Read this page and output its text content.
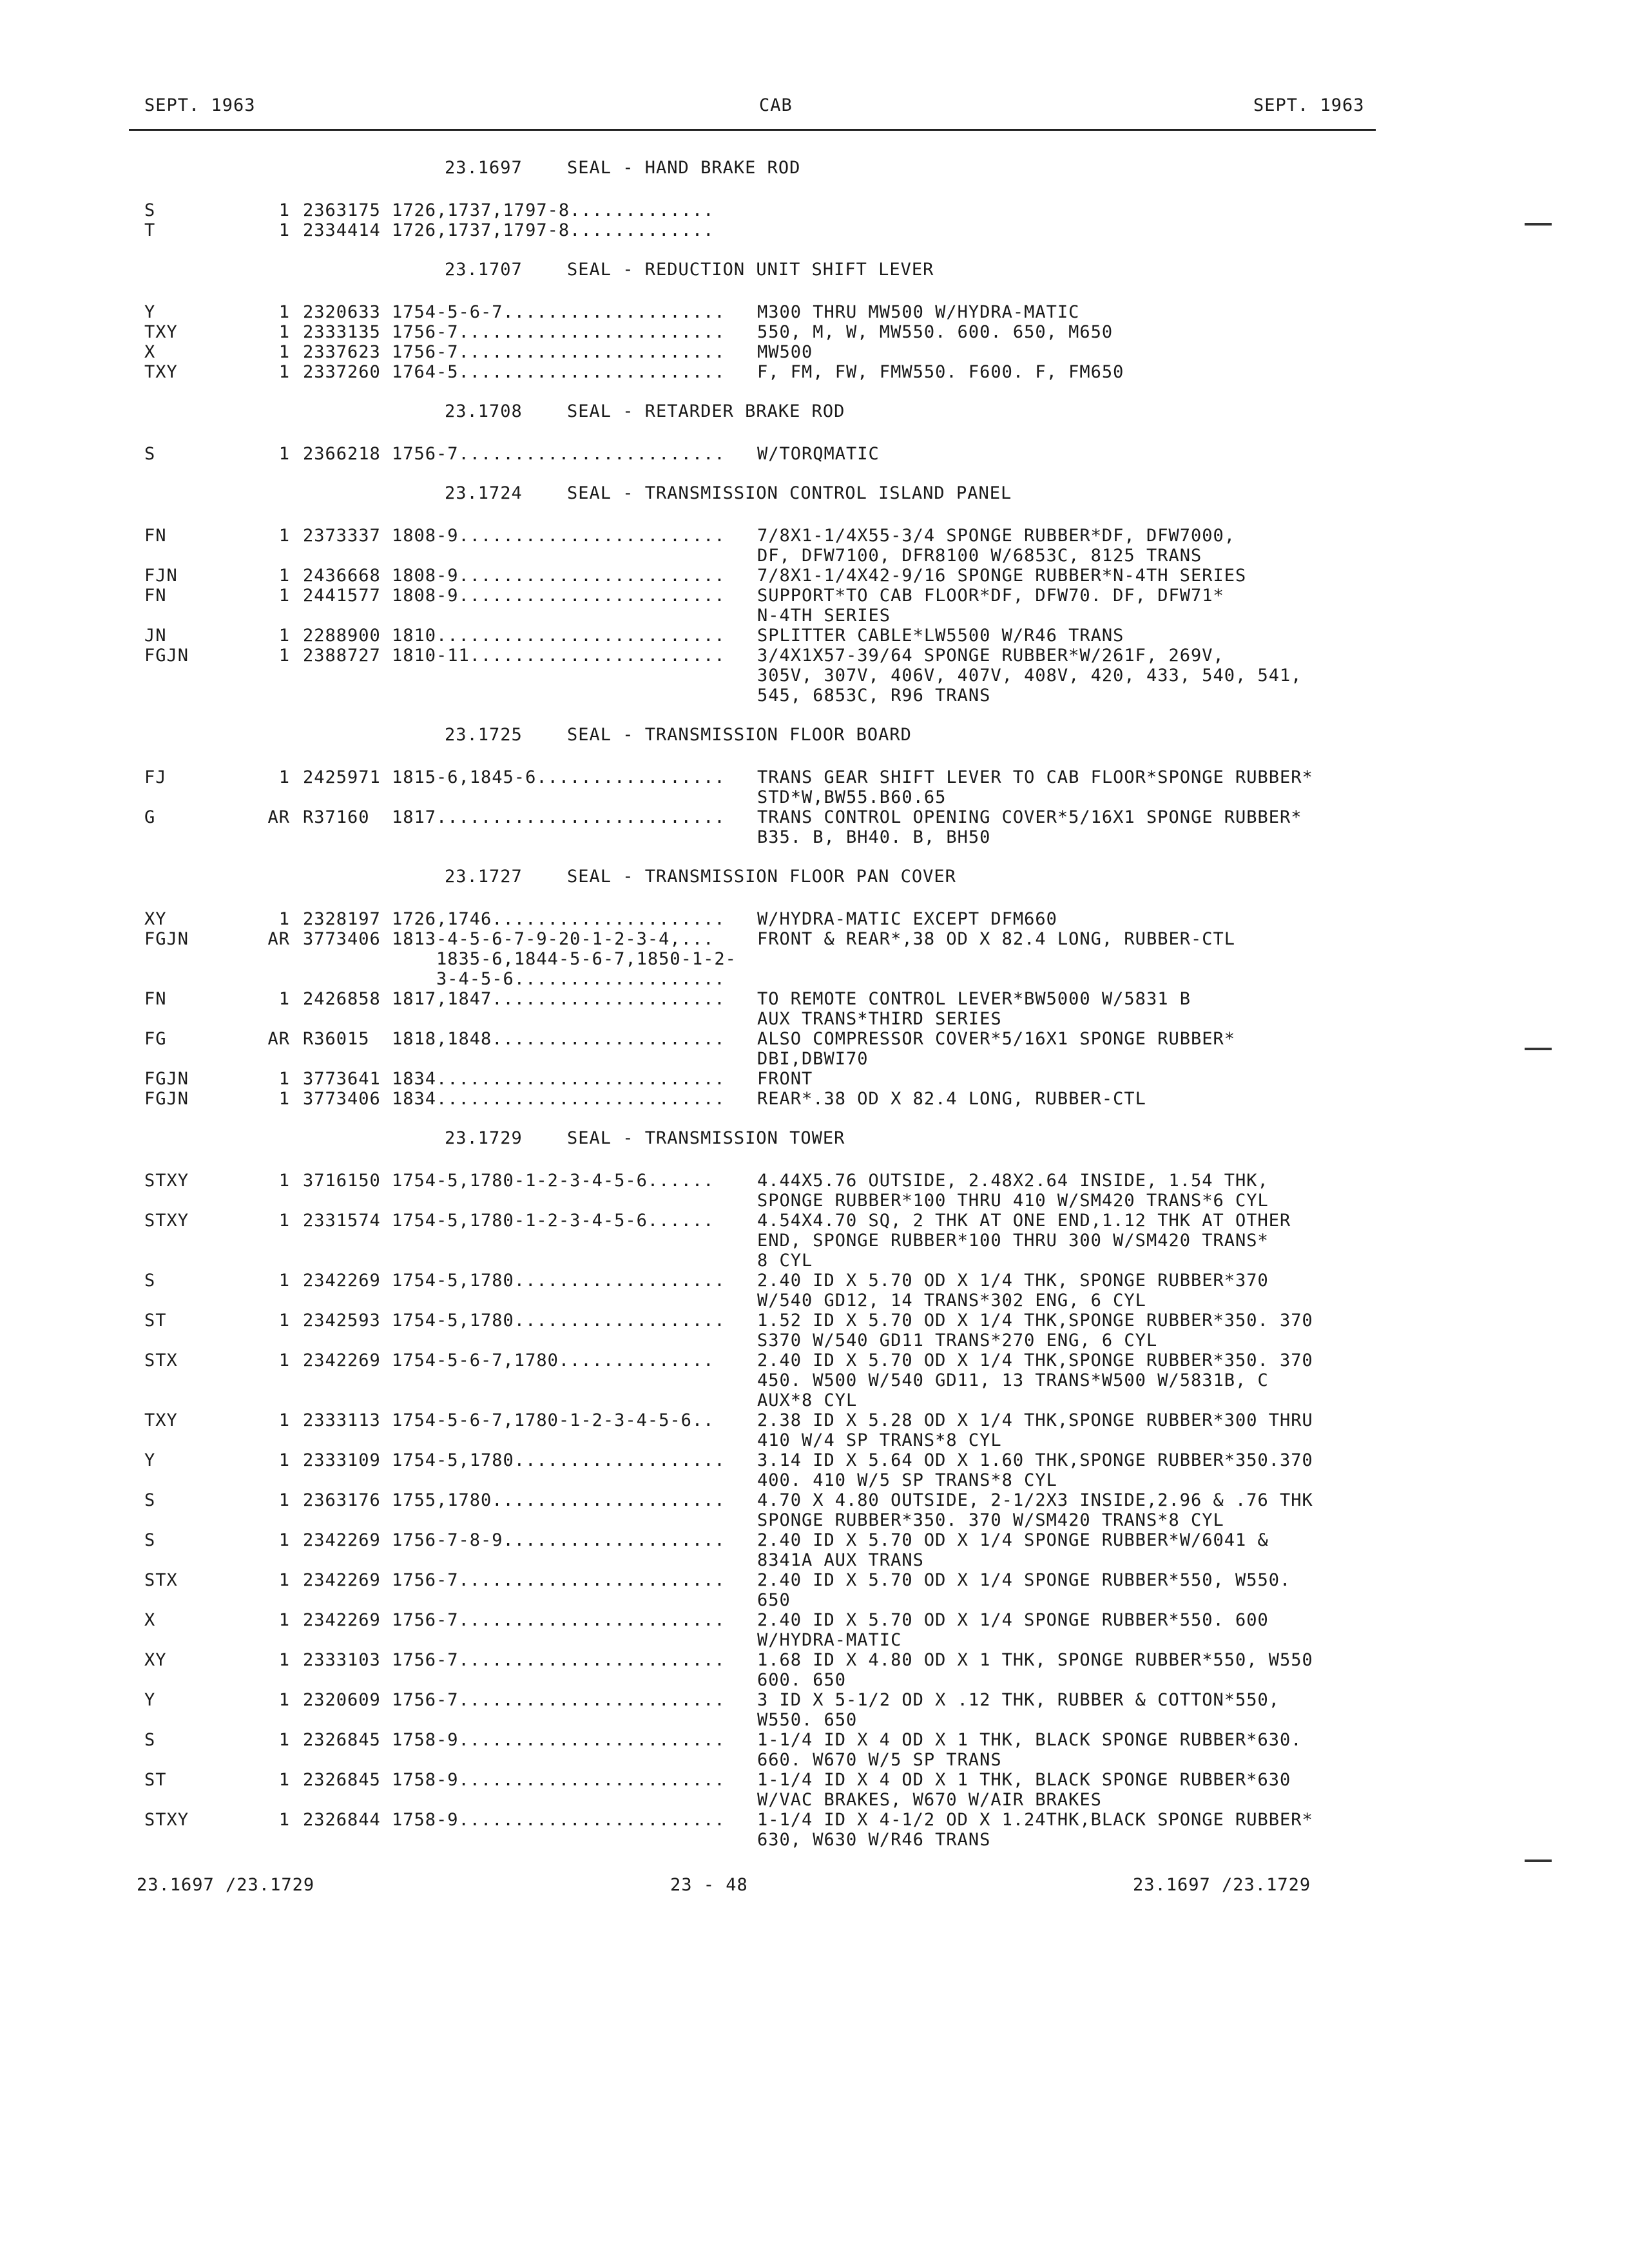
SEPT. 1963	CAB	SEPT. 1963
23.1697	SEAL - HAND BRAKE ROD
S	1 2363175 1726,1737,1797-8.............
T	1 2334414 1726,1737,1797-8.............
23.1707	SEAL - REDUCTION UNIT SHIFT LEVER
Y	1 2320633 1754-5-6-7.................... M300 THRU MW500 W/HYDRA-MATIC
TXY	1 2333135 1756-7........................ 550, M, W, MW550. 600. 650, M650
X	1 2337623 1756-7........................ MW500
TXY	1 2337260 1764-5........................ F, FM, FW, FMW550. F600. F, FM650
23.1708	SEAL - RETARDER BRAKE ROD
S	1 2366218 1756-7........................ W/TORQMATIC
23.1724	SEAL - TRANSMISSION CONTROL ISLAND PANEL
FN	1 2373337 1808-9........................ 7/8X1-1/4X55-3/4 SPONGE RUBBER*DF, DFW7000,
DF, DFW7100, DFR8100 W/6853C, 8125 TRANS
FJN	1 2436668 1808-9........................ 7/8X1-1/4X42-9/16 SPONGE RUBBER*N-4TH SERIES
FN	1 2441577 1808-9........................ SUPPORT*TO CAB FLOOR*DF, DFW70. DF, DFW71*
N-4TH SERIES
JN	1 2288900 1810.......................... SPLITTER CABLE*LW5500 W/R46 TRANS
FGJN	1 2388727 1810-11....................... 3/4X1X57-39/64 SPONGE RUBBER*W/261F, 269V,
305V, 307V, 406V, 407V, 408V, 420, 433, 540, 541,
545, 6853C, R96 TRANS
23.1725	SEAL - TRANSMISSION FLOOR BOARD
FJ	1 2425971 1815-6,1845-6................. TRANS GEAR SHIFT LEVER TO CAB FLOOR*SPONGE RUBBER*
STD*W,BW55.B60.65
G	AR R37160 1817.......................... TRANS CONTROL OPENING COVER*5/16X1 SPONGE RUBBER*
B35. B, BH40. B, BH50
23.1727	SEAL - TRANSMISSION FLOOR PAN COVER
XY	1 2328197 1726,1746..................... W/HYDRA-MATIC EXCEPT DFM660
FGJN	AR 3773406 1813-4-5-6-7-9-20-1-2-3-4,... FRONT & REAR*,38 OD X 82.4 LONG, RUBBER-CTL
1835-6,1844-5-6-7,1850-1-2-
3-4-5-6...................
FN	1 2426858 1817,1847..................... TO REMOTE CONTROL LEVER*BW5000 W/5831 B
AUX TRANS*THIRD SERIES
FG	AR R36015 1818,1848..................... ALSO COMPRESSOR COVER*5/16X1 SPONGE RUBBER*
DBI,DBWI70
FGJN	1 3773641 1834.......................... FRONT
FGJN	1 3773406 1834.......................... REAR*.38 OD X 82.4 LONG, RUBBER-CTL
23.1729	SEAL - TRANSMISSION TOWER
STXY	1 3716150 1754-5,1780-1-2-3-4-5-6...... 4.44X5.76 OUTSIDE, 2.48X2.64 INSIDE, 1.54 THK,
SPONGE RUBBER*100 THRU 410 W/SM420 TRANS*6 CYL
STXY	1 2331574 1754-5,1780-1-2-3-4-5-6...... 4.54X4.70 SQ, 2 THK AT ONE END,1.12 THK AT OTHER
END, SPONGE RUBBER*100 THRU 300 W/SM420 TRANS*
8 CYL
S	1 2342269 1754-5,1780................... 2.40 ID X 5.70 OD X 1/4 THK, SPONGE RUBBER*370
W/540 GD12, 14 TRANS*302 ENG, 6 CYL
ST	1 2342593 1754-5,1780................... 1.52 ID X 5.70 OD X 1/4 THK,SPONGE RUBBER*350. 370
S370 W/540 GD11 TRANS*270 ENG, 6 CYL
STX	1 2342269 1754-5-6-7,1780.............. 2.40 ID X 5.70 OD X 1/4 THK,SPONGE RUBBER*350. 370
450. W500 W/540 GD11, 13 TRANS*W500 W/5831B, C
AUX*8 CYL
TXY	1 2333113 1754-5-6-7,1780-1-2-3-4-5-6.. 2.38 ID X 5.28 OD X 1/4 THK,SPONGE RUBBER*300 THRU
410 W/4 SP TRANS*8 CYL
Y	1 2333109 1754-5,1780................... 3.14 ID X 5.64 OD X 1.60 THK,SPONGE RUBBER*350.370
400. 410 W/5 SP TRANS*8 CYL
S	1 2363176 1755,1780..................... 4.70 X 4.80 OUTSIDE, 2-1/2X3 INSIDE,2.96 & .76 THK
SPONGE RUBBER*350. 370 W/SM420 TRANS*8 CYL
S	1 2342269 1756-7-8-9.................... 2.40 ID X 5.70 OD X 1/4 SPONGE RUBBER*W/6041 &
8341A AUX TRANS
STX	1 2342269 1756-7........................ 2.40 ID X 5.70 OD X 1/4 SPONGE RUBBER*550, W550.
650
X	1 2342269 1756-7........................ 2.40 ID X 5.70 OD X 1/4 SPONGE RUBBER*550. 600
W/HYDRA-MATIC
XY	1 2333103 1756-7........................ 1.68 ID X 4.80 OD X 1 THK, SPONGE RUBBER*550, W550
600. 650
Y	1 2320609 1756-7........................ 3 ID X 5-1/2 OD X .12 THK, RUBBER & COTTON*550,
W550. 650
S	1 2326845 1758-9........................ 1-1/4 ID X 4 OD X 1 THK, BLACK SPONGE RUBBER*630.
660. W670 W/5 SP TRANS
ST	1 2326845 1758-9........................ 1-1/4 ID X 4 OD X 1 THK, BLACK SPONGE RUBBER*630
W/VAC BRAKES, W670 W/AIR BRAKES
STXY	1 2326844 1758-9........................ 1-1/4 ID X 4-1/2 OD X 1.24THK,BLACK SPONGE RUBBER*
630, W630 W/R46 TRANS
23.1697 /23.1729	23 - 48	23.1697 /23.1729
